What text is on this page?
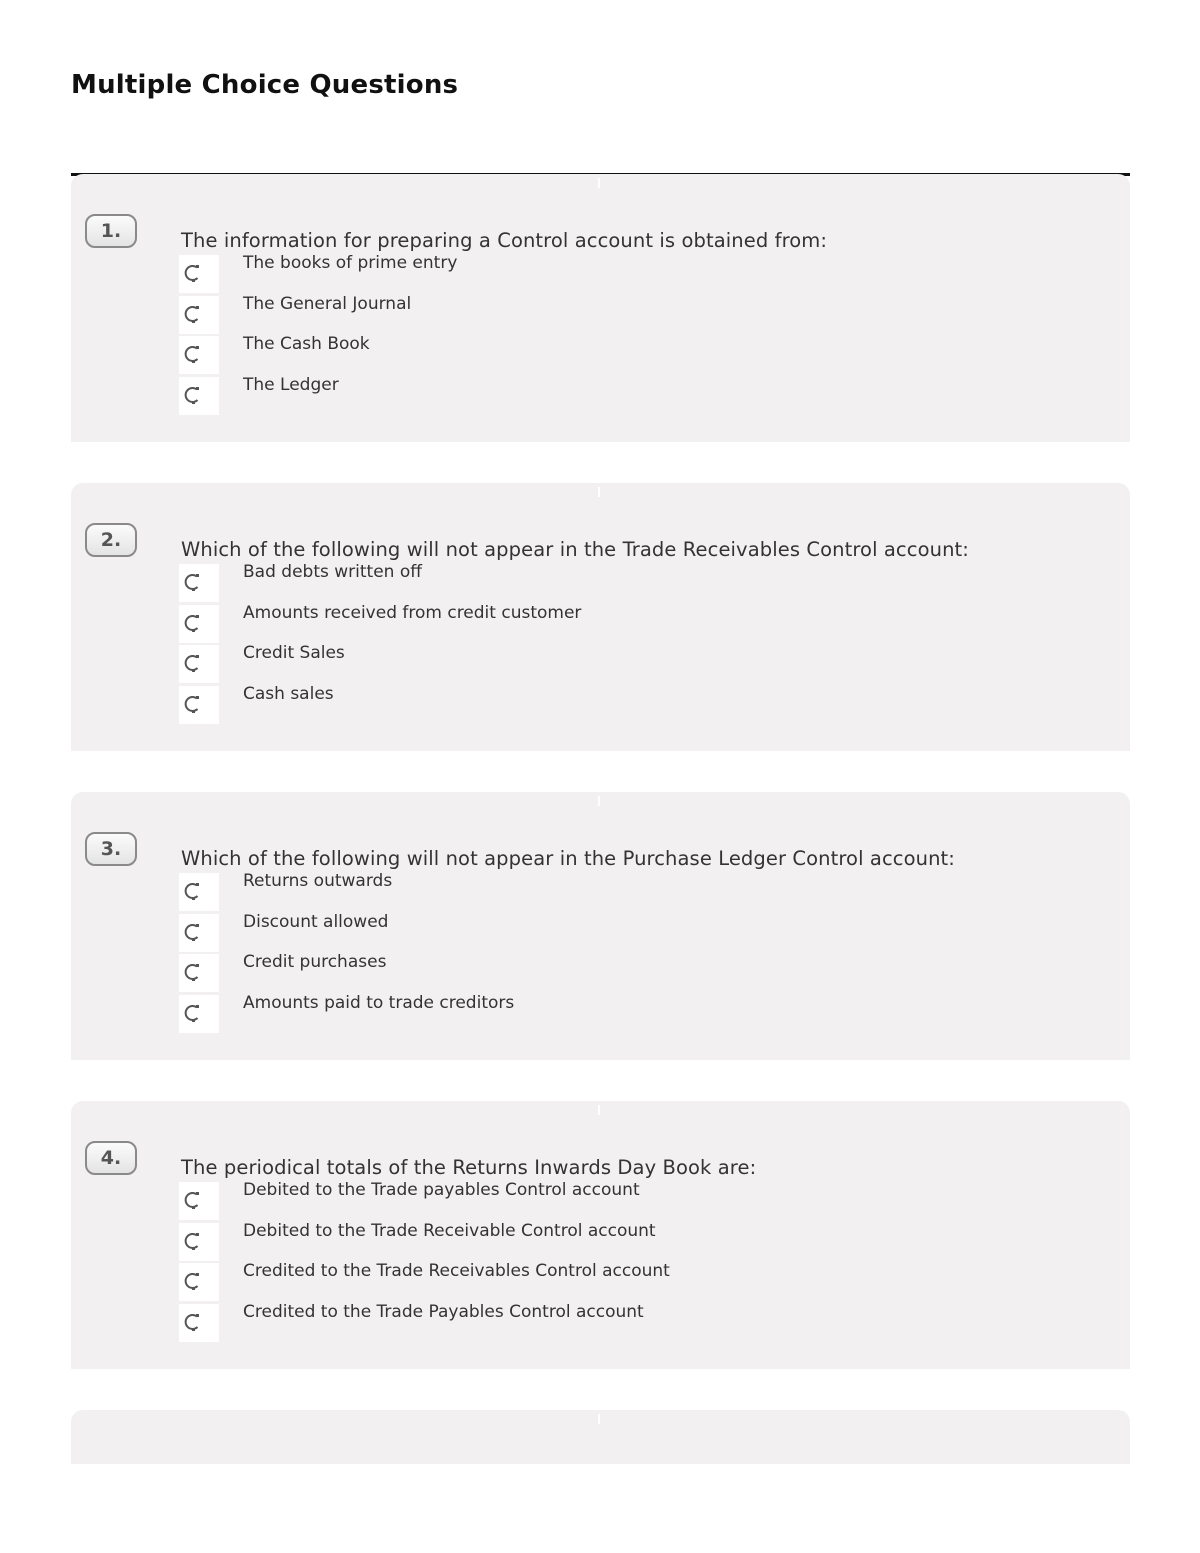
Multiple Choice Questions
1.	The information for preparing a Control account is obtained from:

The books of prime entry
The General Journal
The Cash Book
The Ledger
2.	Which of the following will not appear in the Trade Receivables Control account:

Bad debts written off
Amounts received from credit customer
Credit Sales
Cash sales
3.	Which of the following will not appear in the Purchase Ledger Control account:

Returns outwards
Discount allowed
Credit purchases
Amounts paid to trade creditors
4.	The periodical totals of the Returns Inwards Day Book are:

Debited to the Trade payables Control account
Debited to the Trade Receivable Control account
Credited to the Trade Receivables Control account
Credited to the Trade Payables Control account
